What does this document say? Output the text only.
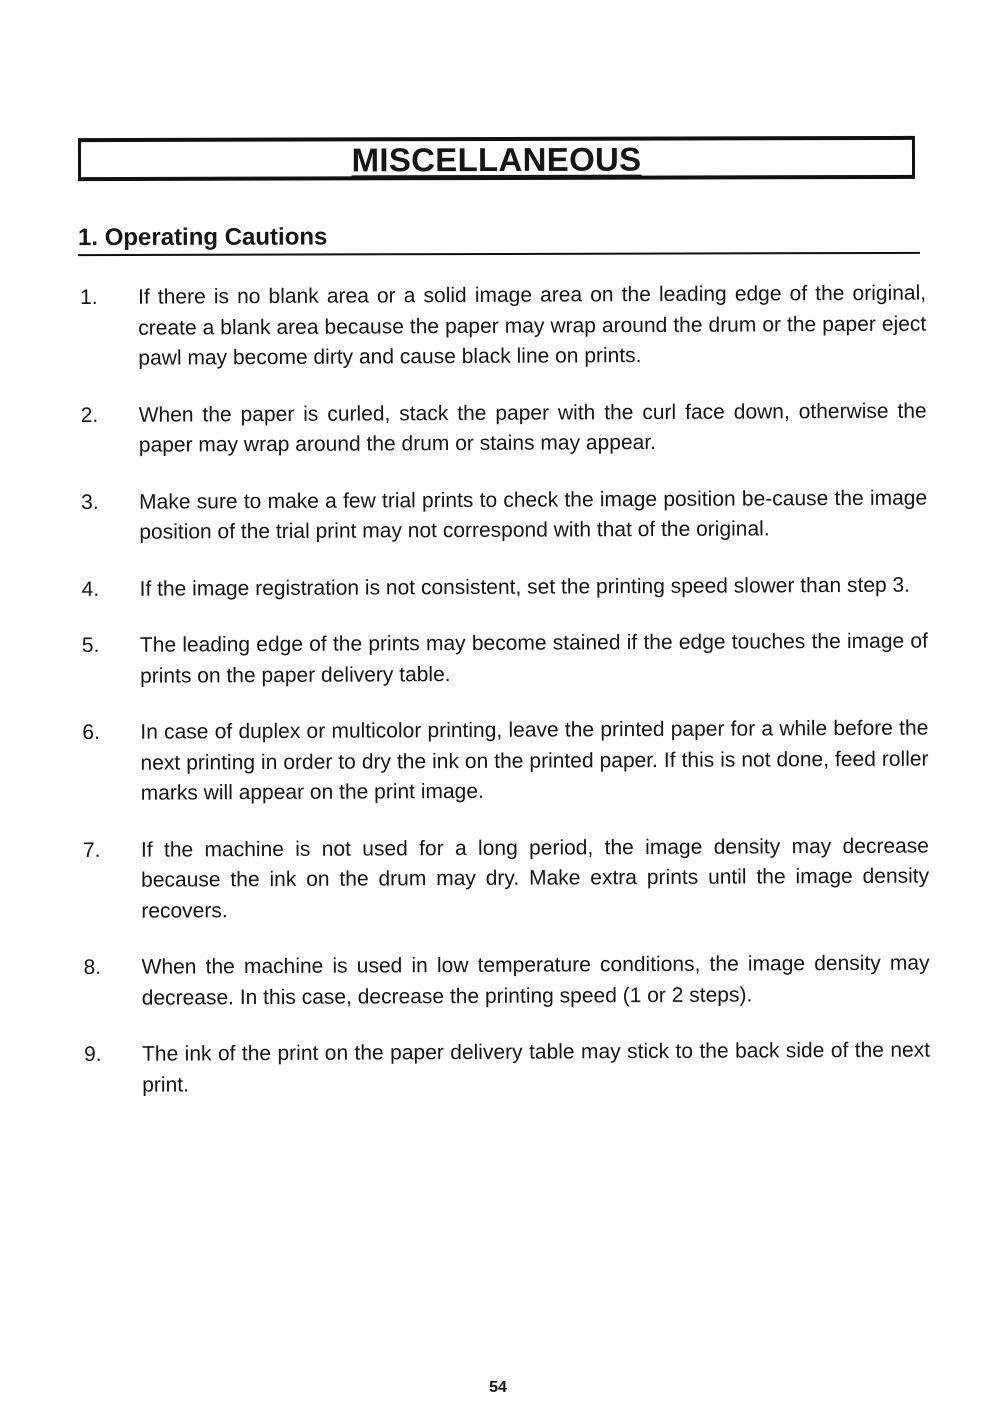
MISCELLANEOUS
1. Operating Cautions
1.	If there is no blank area or a solid image area on the leading edge of the original, create a blank area because the paper may wrap around the drum or the paper eject pawl may become dirty and cause black line on prints.
2.	When the paper is curled, stack the paper with the curl face down, otherwise the paper may wrap around the drum or stains may appear.
3.	Make sure to make a few trial prints to check the image position be-cause the image position of the trial print may not correspond with that of the original.
4.	If the image registration is not consistent, set the printing speed slower than step 3.
5.	The leading edge of the prints may become stained if the edge touches the image of prints on the paper delivery table.
6.	In case of duplex or multicolor printing, leave the printed paper for a while before the next printing in order to dry the ink on the printed paper. If this is not done, feed roller marks will appear on the print image.
7.	If the machine is not used for a long period, the image density may decrease because the ink on the drum may dry. Make extra prints until the image density recovers.
8.	When the machine is used in low temperature conditions, the image density may decrease. In this case, decrease the printing speed (1 or 2 steps).
9.	The ink of the print on the paper delivery table may stick to the back side of the next print.
54
